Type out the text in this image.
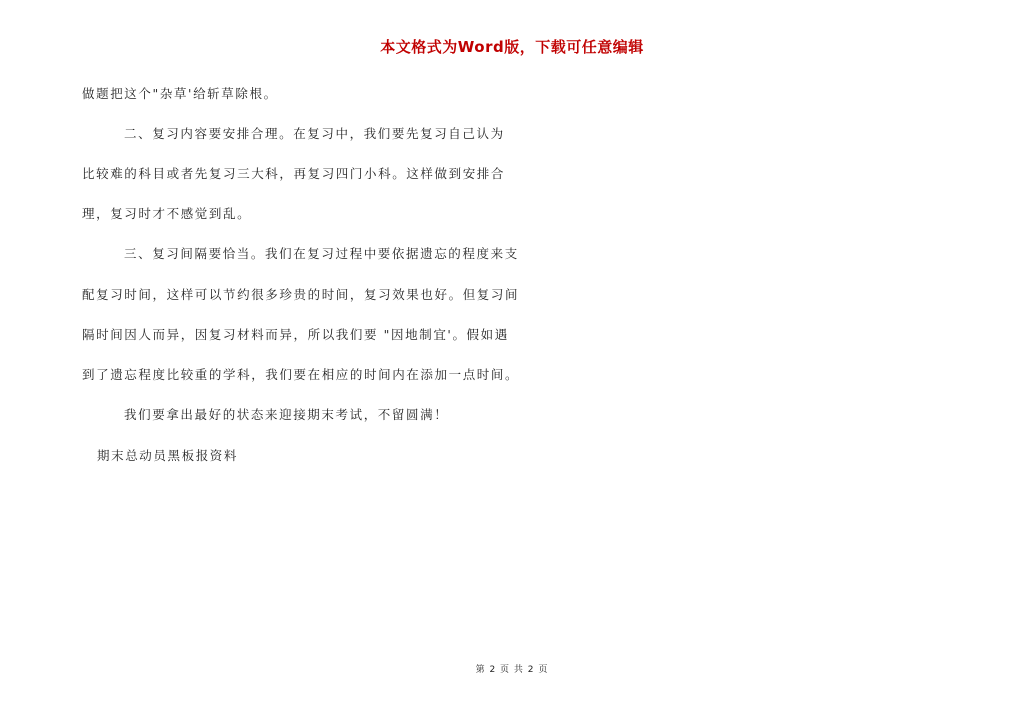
本文格式为Word版，下载可任意编辑
做题把这个"杂草'给斩草除根。
二、复习内容要安排合理。在复习中，我们要先复习自己认为
比较难的科目或者先复习三大科，再复习四门小科。这样做到安排合
理，复习时才不感觉到乱。
三、复习间隔要恰当。我们在复习过程中要依据遗忘的程度来支
配复习时间，这样可以节约很多珍贵的时间，复习效果也好。但复习间
隔时间因人而异，因复习材料而异，所以我们要 "因地制宜'。假如遇
到了遗忘程度比较重的学科，我们要在相应的时间内在添加一点时间。
我们要拿出最好的状态来迎接期末考试，不留圆满！
期末总动员黑板报资料
第 2 页 共 2 页
